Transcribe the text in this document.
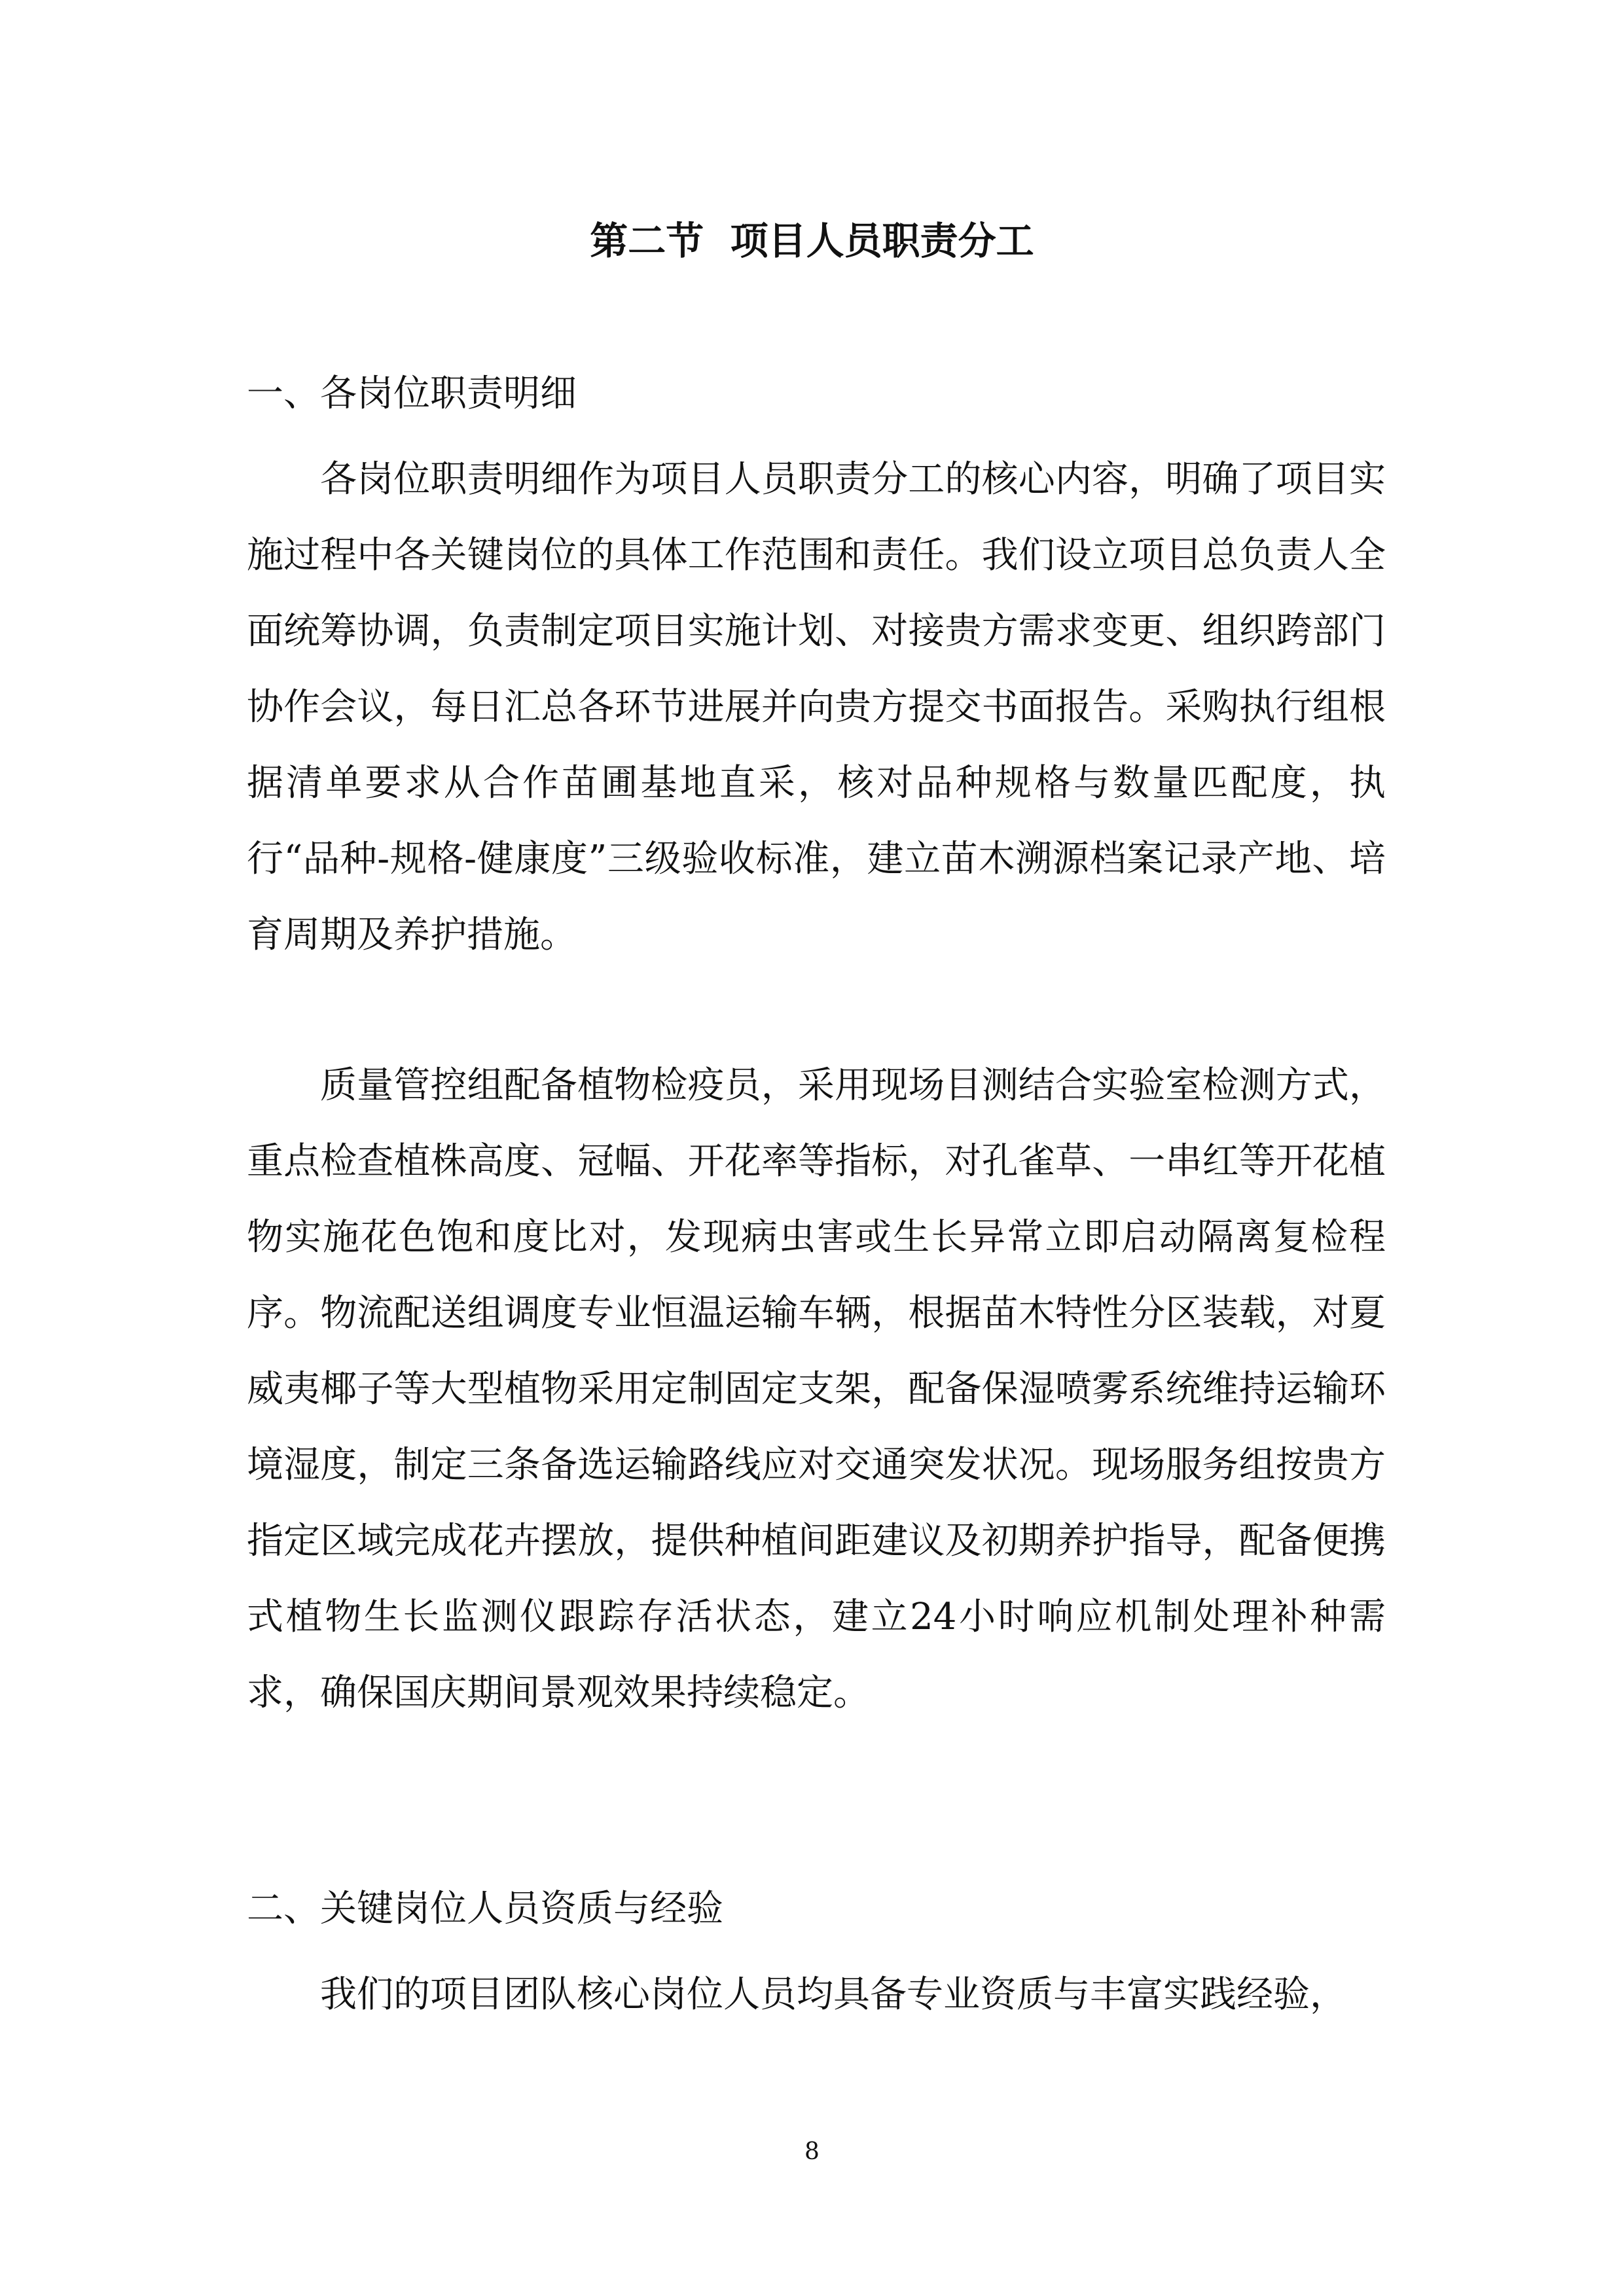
第二节  项目人员职责分工
一、各岗位职责明细

各岗位职责明细作为项目人员职责分工的核心内容，明确了项目实施过程中各关键岗位的具体工作范围和责任。我们设立项目总负责人全面统筹协调，负责制定项目实施计划、对接贵方需求变更、组织跨部门协作会议，每日汇总各环节进展并向贵方提交书面报告。采购执行组根据清单要求从合作苗圃基地直采，核对品种规格与数量匹配度，执行“品种-规格-健康度”三级验收标准，建立苗木溯源档案记录产地、培育周期及养护措施。

质量管控组配备植物检疫员，采用现场目测结合实验室检测方式，重点检查植株高度、冠幅、开花率等指标，对孔雀草、一串红等开花植物实施花色饱和度比对，发现病虫害或生长异常立即启动隔离复检程序。物流配送组调度专业恒温运输车辆，根据苗木特性分区装载，对夏威夷椰子等大型植物采用定制固定支架，配备保湿喷雾系统维持运输环境湿度，制定三条备选运输路线应对交通突发状况。现场服务组按贵方指定区域完成花卉摆放，提供种植间距建议及初期养护指导，配备便携式植物生长监测仪跟踪存活状态，建立24小时响应机制处理补种需求，确保国庆期间景观效果持续稳定。

二、关键岗位人员资质与经验

我们的项目团队核心岗位人员均具备专业资质与丰富实践经验，

8
